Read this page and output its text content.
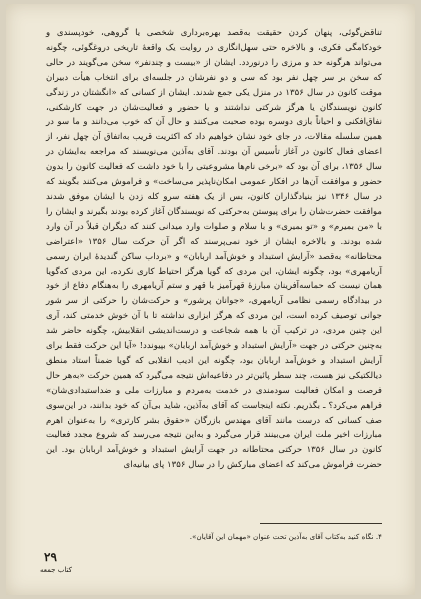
تناقض‌گوئی، پنهان کردن حقیقت به‌قصد بهره‌برداری شخصی یا گروهی، خودپسندی و خودکامگی فکری، و بالاخره حتی سهل‌انگاری در روایت یک واقعهٔ تاریخی دروغگوئی، چگونه می‌تواند هرگونه حد و مرزی را درنوردد. ایشان از «بیست و چندنفر» سخن می‌گویند در حالی که سخن بر سر چهل نفر بود که سی و دو نفرشان در جلسه‌ای برای انتخاب هیأت دبیران موقت کانون در سال ۱۳۵۶ در منزل یکی جمع شدند. ایشان از کسانی که «انگشتان در زندگی کانون نویسندگان یا هرگز شرکتی نداشتند و یا حضور و فعالیت‌شان در جهت کارشکنی، نفاق‌افکنی و احیاناً بازی دوسره بوده صحبت می‌کنند و حال آن که خوب می‌دانند و ما سو در همین سلسله مقالات، در جای خود نشان خواهیم داد که اکثریت قریب به‌اتفاق آن چهل نفر، از اعضای فعال کانون در آغاز تأسیس آن بودند. آقای به‌آذین می‌نویسند که مراجعه به‌ایشان در سال ۱۳۵۶، برای آن بود که «برخی نام‌ها مشروعیتی را با خود داشت که فعالیت کانون را بدون حضور و موافقت آن‌ها در افکار عمومی امکان‌ناپذیر می‌ساخت» و فراموش می‌کنند بگویند که در سال ۱۳۴۶ نیز بنیادگذاران کانون، بس از یک هفته سرو کله زدن با ایشان موفق شدند موافقت حضرت‌شان را برای پیوستن به‌حرکتی که نویسندگان آغاز کرده بودند بگیرند و ایشان را با «من بمیرم» و «تو بمیری» و با سلام و صلوات وارد میدانی کنند که دیگران قبلاً در آن وارد شده بودند. و بالاخره ایشان از خود نمی‌پرسند که اگر آن حرکت سال ۱۳۵۶ «اعتراضی محتاطانه» به‌قصد «آرایش استبداد و خوش‌آمد اربابان» و «برداب ساکن گندیدهٔ ایران رسمی آریامهری» بود، چگونه ایشان، این مردی که گویا هرگز احتیاط کاری نکرده، این مردی که‌گویا همان نیست که حماسه‌آفرینان مبارزهٔ قهرآمیز با قهر و ستم آریامهری را به‌هنگام دفاع از خود در بیدادگاه رسمی نظامی آریامهری، «جوانان پرشور» و حرکت‌شان را حرکتی از سر شور جوانی توصیف کرده است، این مردی که هرگز ابزاری نداشته تا با آن خوش خدمتی کند، آری این چنین مردی، در ترکیب آن با همه شجاعت و درست‌اندیشی انقلابیش، چگونه حاضر شد به‌چنین حرکتی در جهت «آرایش استبداد و خوش‌آمد اربابان» بپیوندد! «آیا این حرکت فقط برای آرایش استبداد و خوش‌آمد اربابان بود، چگونه این ادیب انقلابی که گویا ضمناً استاد منطق دیالکتیکی نیز هست، چند سطر پائین‌تر در دفاعیه‌اش نتیجه می‌گیرد که همین حرکت «به‌هر حال فرصت و امکان فعالیت سودمندی در خدمت به‌مردم و مبارزات ملی و ضداستبدادی‌شان» فراهم می‌کرد؟ ـ بگذریم. نکته اینجاست که آقای به‌آذین، شاید بی‌آن که خود بدانند، در این‌سوی صف کسانی که درست مانند آقای مهندس بازرگان «حقوق بشر کارتری» را به‌عنوان اهرم مبارزات اخیر ملت ایران می‌بینند قرار می‌گیرد و به‌این نتیجه می‌رسد که شروع مجدد فعالیت کانون در سال ۱۳۵۶ حرکتی محتاطانه در جهت آرایش استبداد و خوش‌آمد اربابان بود. این حضرت فراموش می‌کند که اعضای مبارکش را در سال ۱۳۵۶ پای بیانیه‌ای

۴. نگاه کنید به‌کتاب آقای به‌آذین تحت عنوان «مهمان این آقایان».
۲۹
کتاب جمعه
